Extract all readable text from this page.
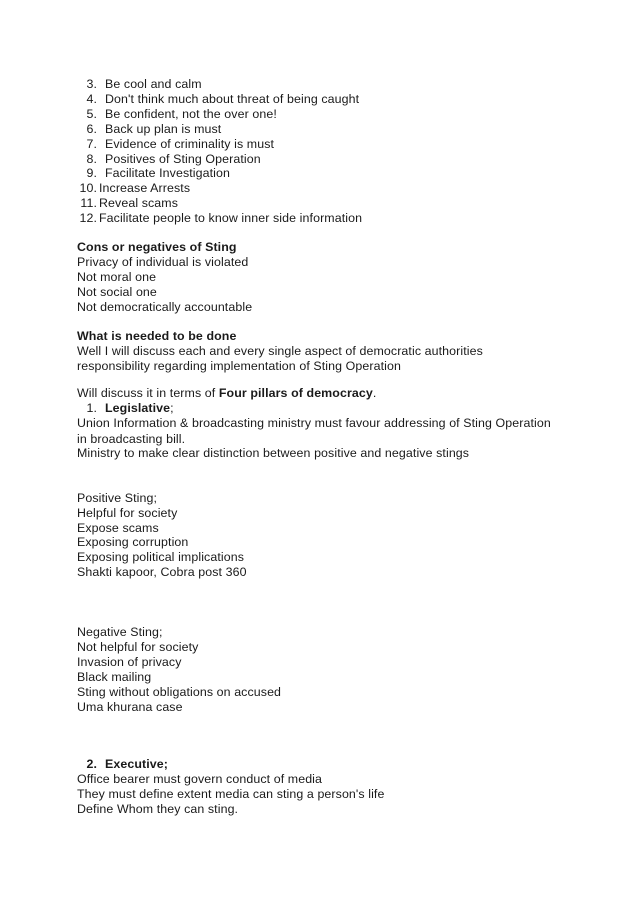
3. Be cool and calm
4. Don't think much about threat of being caught
5. Be confident, not the over one!
6. Back up plan is must
7. Evidence of criminality is must
8. Positives of Sting Operation
9. Facilitate Investigation
10. Increase Arrests
11. Reveal scams
12. Facilitate people to know inner side information
Cons or negatives of Sting
Privacy of individual is violated
Not moral one
Not social one
Not democratically accountable
What is needed to be done
Well I will discuss each and every single aspect of democratic authorities
responsibility regarding implementation of Sting Operation
Will discuss it in terms of Four pillars of democracy.
1. Legislative;
Union Information & broadcasting ministry must favour addressing of Sting Operation
in broadcasting bill.
Ministry to make clear distinction between positive and negative stings
Positive Sting;
Helpful for society
Expose scams
Exposing corruption
Exposing political implications
Shakti kapoor, Cobra post 360
Negative Sting;
Not helpful for society
Invasion of privacy
Black mailing
Sting without obligations on accused
Uma khurana case
2. Executive;
Office bearer must govern conduct of media
They must define extent media can sting a person's life
Define Whom they can sting.
